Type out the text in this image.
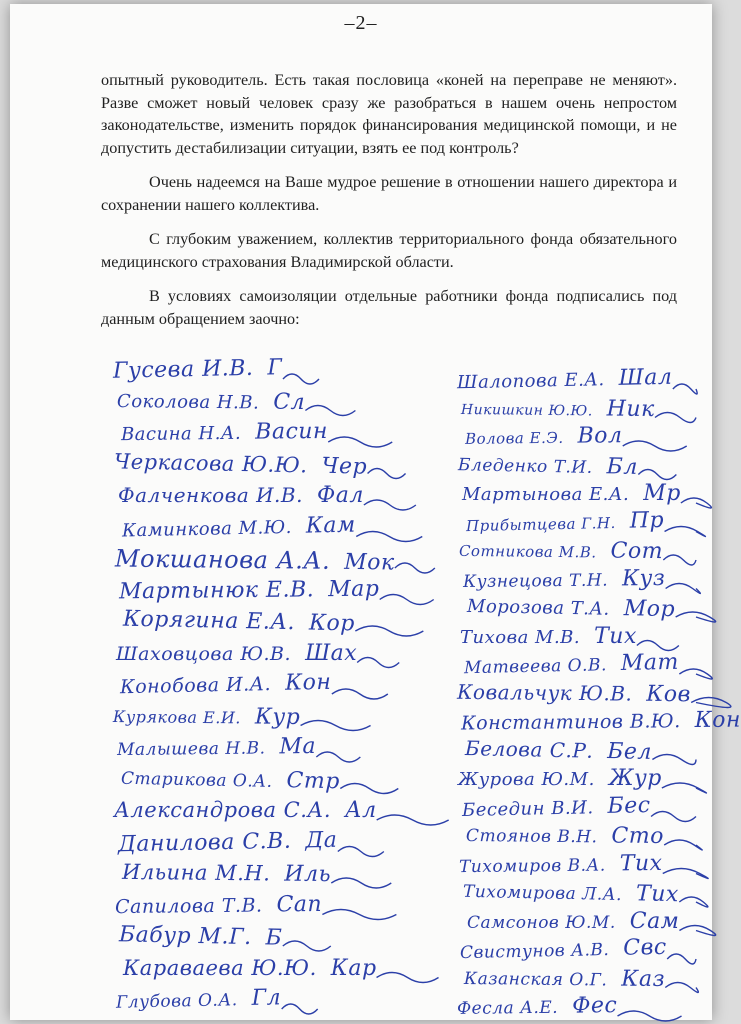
–2–

опытный руководитель. Есть такая пословица «коней на переправе не меняют». Разве сможет новый человек сразу же разобраться в нашем очень непростом законодательстве, изменить порядок финансирования медицинской помощи, и не допустить дестабилизации ситуации, взять ее под контроль?

Очень надеемся на Ваше мудрое решение в отношении нашего директора и сохранении нашего коллектива.

С глубоким уважением, коллектив территориального фонда обязательного медицинского страхования Владимирской области.

В условиях самоизоляции отдельные работники фонда подписались под данным обращением заочно:

Гусева И.В. Г
Соколова Н.В. Сл
Васина Н.А. Васин
Черкасова Ю.Ю. Чер
Фалченкова И.В. Фал
Каминкова М.Ю. Кам
Мокшанова А.А. Мок
Мартынюк Е.В. Мар
Корягина Е.А. Кор
Шаховцова Ю.В. Шах
Конобова И.А. Кон
Курякова Е.И. Кур
Малышева Н.В. Ма
Старикова О.А. Стр
Александрова С.А. Ал
Данилова С.В. Да
Ильина М.Н. Иль
Сапилова Т.В. Сап
Бабур М.Г. Б
Караваева Ю.Ю. Кар
Глубова О.А. Гл
Шалопова Е.А. Шал
Никишкин Ю.Ю. Ник
Волова Е.Э. Вол
Бледенко Т.И. Бл
Мартынова Е.А. Мр
Прибытцева Г.Н. Пр
Сотникова М.В. Сот
Кузнецова Т.Н. Куз
Морозова Т.А. Мор
Тихова М.В. Тих
Матвеева О.В. Мат
Ковальчук Ю.В. Ков
Константинов В.Ю. Кон
Белова С.Р. Бел
Журова Ю.М. Жур
Беседин В.И. Бес
Стоянов В.Н. Сто
Тихомиров В.А. Тих
Тихомирова Л.А. Тих
Самсонов Ю.М. Сам
Свистунов А.В. Свс
Казанская О.Г. Каз
Фесла А.Е. Фес
